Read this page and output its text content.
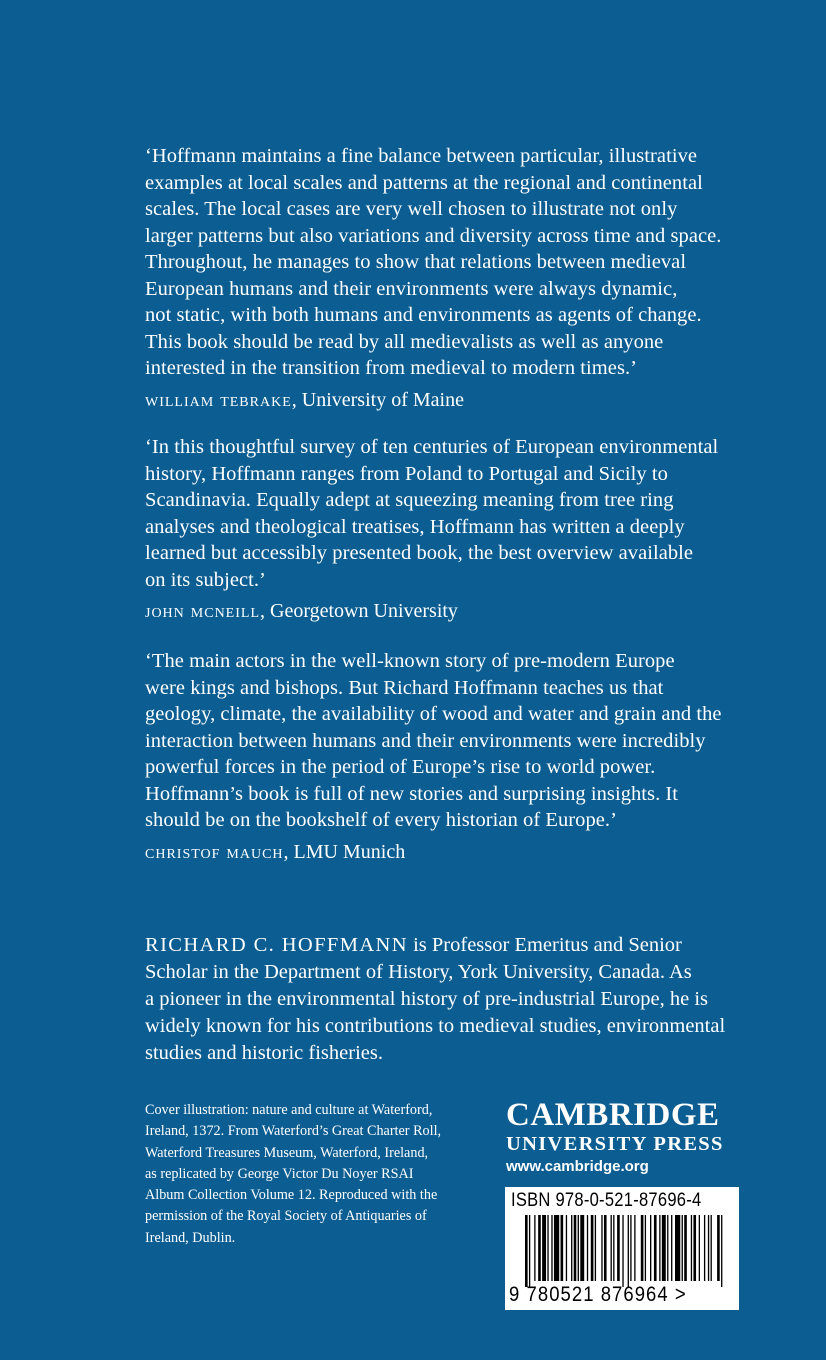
‘Hoffmann maintains a fine balance between particular, illustrative
examples at local scales and patterns at the regional and continental
scales. The local cases are very well chosen to illustrate not only
larger patterns but also variations and diversity across time and space.
Throughout, he manages to show that relations between medieval
European humans and their environments were always dynamic,
not static, with both humans and environments as agents of change.
This book should be read by all medievalists as well as anyone
interested in the transition from medieval to modern times.’
william tebrake, University of Maine
‘In this thoughtful survey of ten centuries of European environmental
history, Hoffmann ranges from Poland to Portugal and Sicily to
Scandinavia. Equally adept at squeezing meaning from tree ring
analyses and theological treatises, Hoffmann has written a deeply
learned but accessibly presented book, the best overview available
on its subject.’
john mcneill, Georgetown University
‘The main actors in the well-known story of pre-modern Europe
were kings and bishops. But Richard Hoffmann teaches us that
geology, climate, the availability of wood and water and grain and the
interaction between humans and their environments were incredibly
powerful forces in the period of Europe’s rise to world power.
Hoffmann’s book is full of new stories and surprising insights. It
should be on the bookshelf of every historian of Europe.’
christof mauch, LMU Munich
RICHARD C. HOFFMANN is Professor Emeritus and Senior
Scholar in the Department of History, York University, Canada. As
a pioneer in the environmental history of pre-industrial Europe, he is
widely known for his contributions to medieval studies, environmental
studies and historic fisheries.
Cover illustration: nature and culture at Waterford,
Ireland, 1372. From Waterford’s Great Charter Roll,
Waterford Treasures Museum, Waterford, Ireland,
as replicated by George Victor Du Noyer RSAI
Album Collection Volume 12. Reproduced with the
permission of the Royal Society of Antiquaries of
Ireland, Dublin.
CAMBRIDGE
UNIVERSITY PRESS
www.cambridge.org
ISBN 978-0-521-87696-4
9 780521 876964 >
